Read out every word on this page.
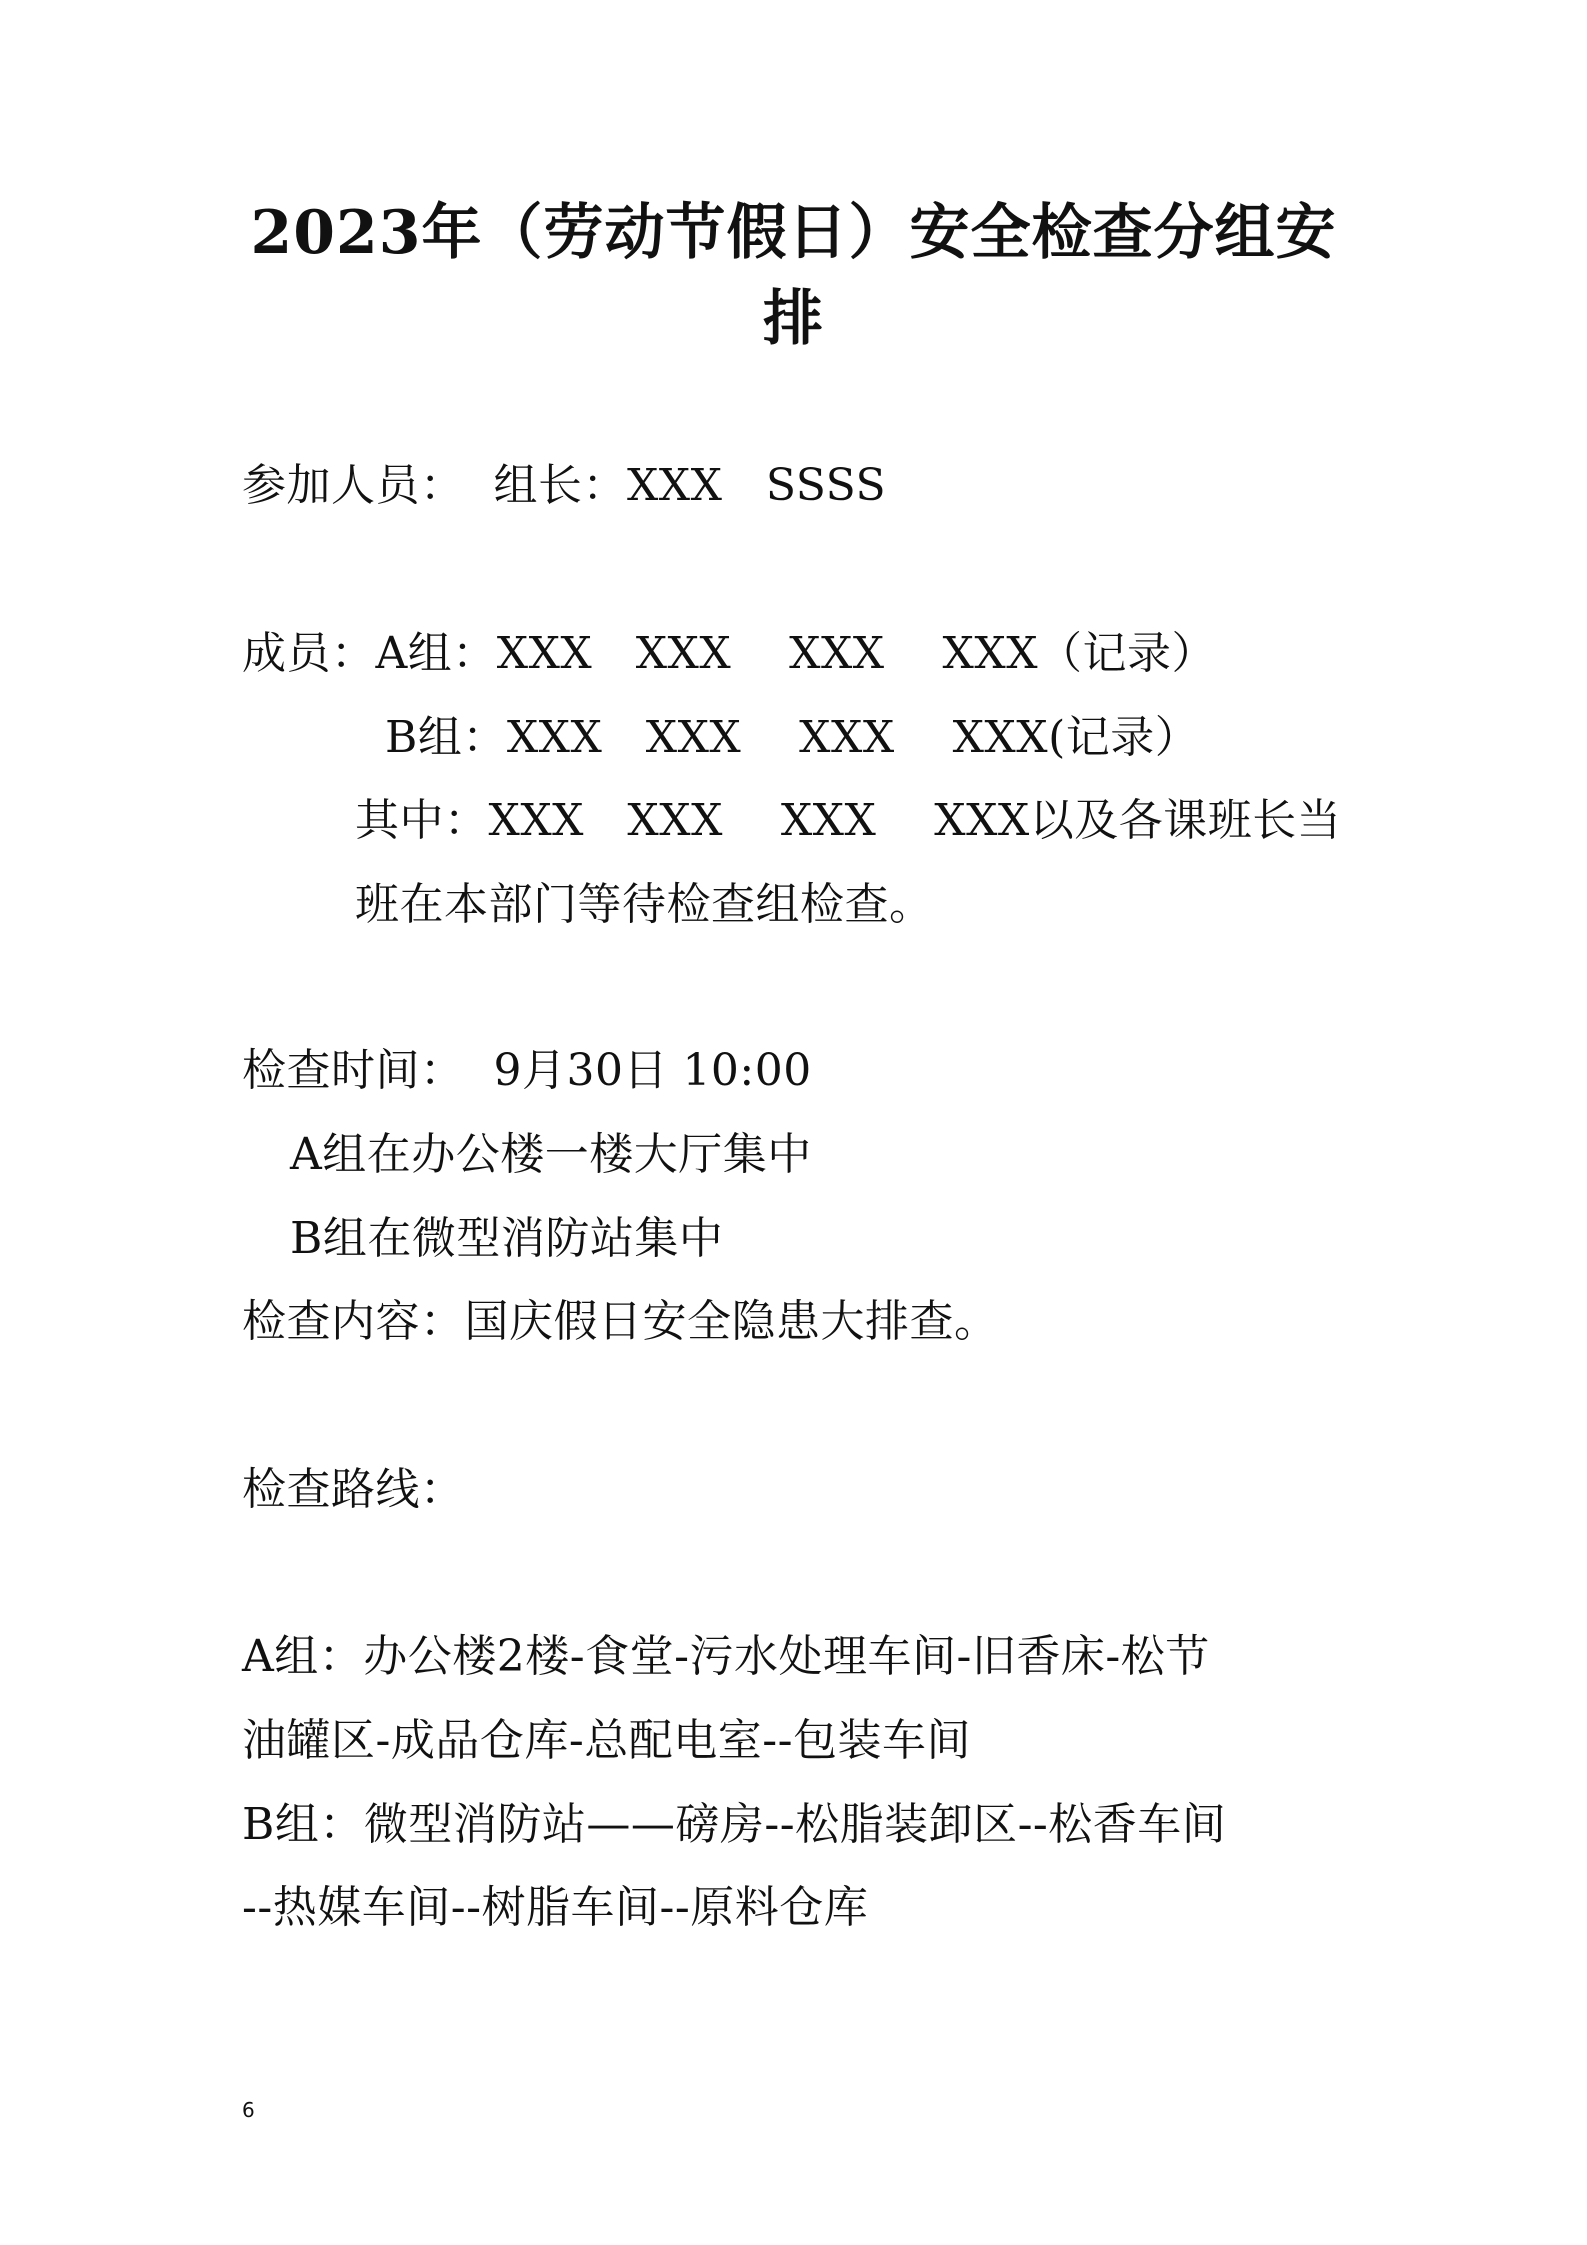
2023年（劳动节假日）安全检查分组安
排
参加人员：  组长：XXX   SSSS
成员：A组：XXX   XXX    XXX    XXX（记录）
B组：XXX   XXX    XXX    XXX(记录）
其中：XXX   XXX    XXX    XXX以及各课班长当
班在本部门等待检查组检查。
检查时间：  9月30日 10:00
A组在办公楼一楼大厅集中
B组在微型消防站集中
检查内容：国庆假日安全隐患大排查。
检查路线：
A组：办公楼2楼-食堂-污水处理车间-旧香床-松节
油罐区-成品仓库-总配电室--包装车间
B组：微型消防站——磅房--松脂装卸区--松香车间
--热媒车间--树脂车间--原料仓库
6
